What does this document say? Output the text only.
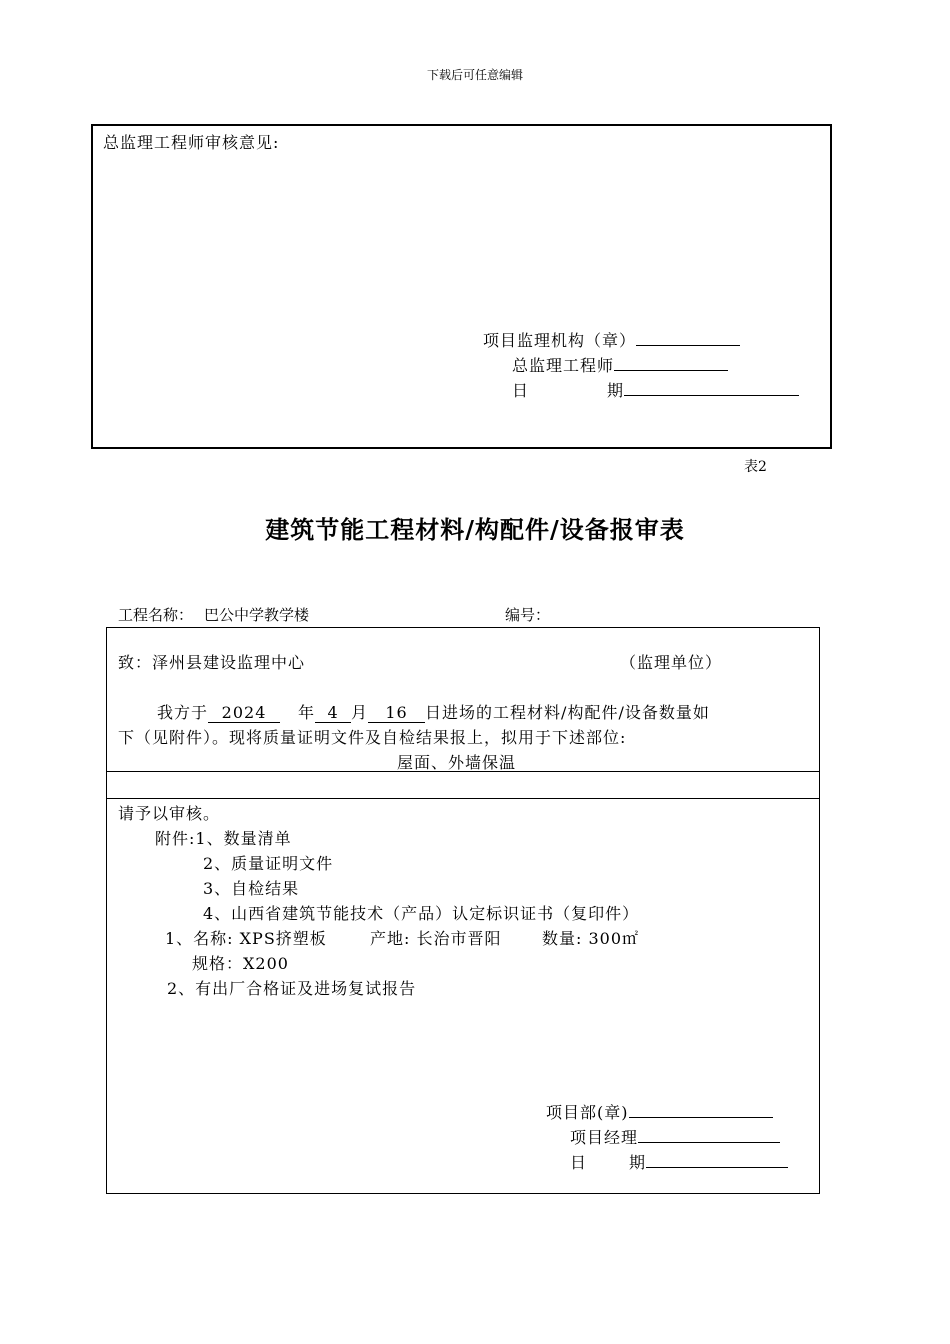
下载后可任意编辑
总监理工程师审核意见:
项目监理机构（章）
总监理工程师
日	期
表2
建筑节能工程材料/构配件/设备报审表
工程名称： 巴公中学教学楼	编号：
致：泽州县建设监理中心	（监理单位）
我方于 2024 年 4 月 16 日进场的工程材料/构配件/设备数量如
下（见附件）。现将质量证明文件及自检结果报上，拟用于下述部位:
屋面、外墙保温
请予以审核。
附件:1、数量清单
2、质量证明文件
3、自检结果
4、山西省建筑节能技术（产品）认定标识证书（复印件）
1、名称: XPS挤塑板	产地: 长治市晋阳	数量: 300㎡
规格：X200
2、有出厂合格证及进场复试报告
项目部(章)
项目经理
日	期
